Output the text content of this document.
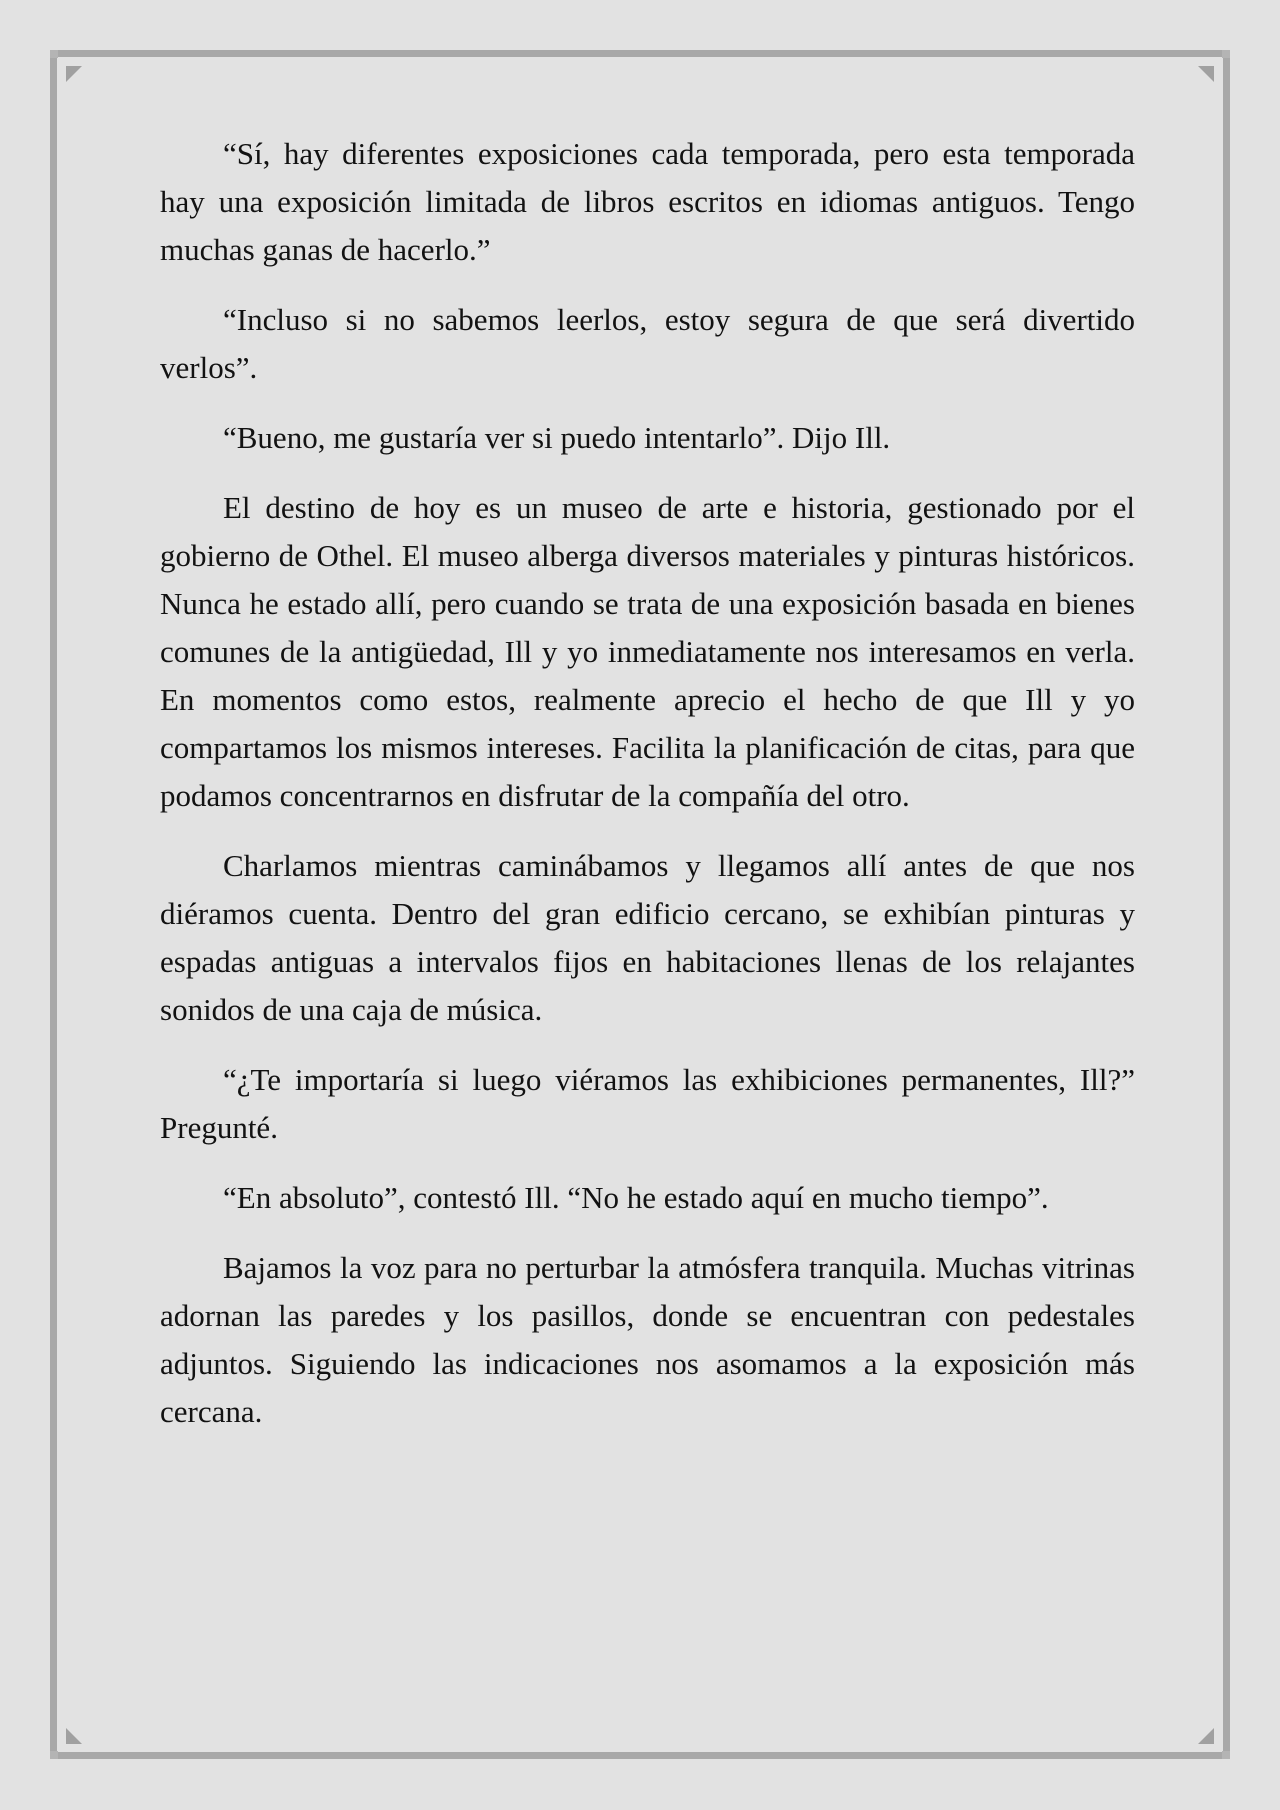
“Sí, hay diferentes exposiciones cada temporada, pero esta temporada hay una exposición limitada de libros escritos en idiomas antiguos. Tengo muchas ganas de hacerlo.”

“Incluso si no sabemos leerlos, estoy segura de que será divertido verlos”.

“Bueno, me gustaría ver si puedo intentarlo”. Dijo Ill.

El destino de hoy es un museo de arte e historia, gestionado por el gobierno de Othel. El museo alberga diversos materiales y pinturas históricos. Nunca he estado allí, pero cuando se trata de una exposición basada en bienes comunes de la antigüedad, Ill y yo inmediatamente nos interesamos en verla. En momentos como estos, realmente aprecio el hecho de que Ill y yo compartamos los mismos intereses. Facilita la planificación de citas, para que podamos concentrarnos en disfrutar de la compañía del otro.

Charlamos mientras caminábamos y llegamos allí antes de que nos diéramos cuenta. Dentro del gran edificio cercano, se exhibían pinturas y espadas antiguas a intervalos fijos en habitaciones llenas de los relajantes sonidos de una caja de música.

“¿Te importaría si luego viéramos las exhibiciones permanentes, Ill?” Pregunté.

“En absoluto”, contestó Ill. “No he estado aquí en mucho tiempo”.

Bajamos la voz para no perturbar la atmósfera tranquila. Muchas vitrinas adornan las paredes y los pasillos, donde se encuentran con pedestales adjuntos. Siguiendo las indicaciones nos asomamos a la exposición más cercana.
